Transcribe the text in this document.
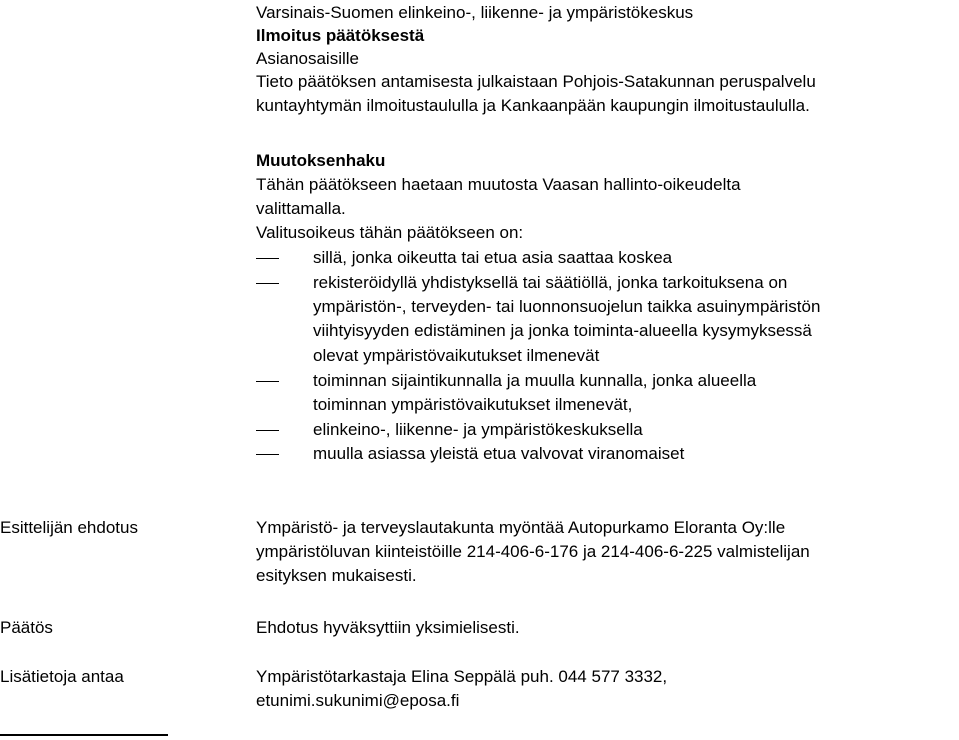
Varsinais-Suomen elinkeino-, liikenne- ja ympäristökeskus
Ilmoitus päätöksestä
Asianosaisille
Tieto päätöksen antamisesta julkaistaan Pohjois-Satakunnan peruspalvelu
kuntayhtymän ilmoitustaululla ja Kankaanpään kaupungin ilmoitustaululla.
Muutoksenhaku
Tähän päätökseen haetaan muutosta Vaasan hallinto-oikeudelta
valittamalla.
Valitusoikeus tähän päätökseen on:
sillä, jonka oikeutta tai etua asia saattaa koskea
rekisteröidyllä yhdistyksellä tai säätiöllä, jonka tarkoituksena on
ympäristön-, terveyden- tai luonnonsuojelun taikka asuinympäristön
viihtyisyyden edistäminen ja jonka toiminta-alueella kysymyksessä
olevat ympäristövaikutukset ilmenevät
toiminnan sijaintikunnalla ja muulla kunnalla, jonka alueella
toiminnan ympäristövaikutukset ilmenevät,
elinkeino-, liikenne- ja ympäristökeskuksella
muulla asiassa yleistä etua valvovat viranomaiset
Esittelijän ehdotus	Ympäristö- ja terveyslautakunta myöntää Autopurkamo Eloranta Oy:lle
ympäristöluvan kiinteistöille 214-406-6-176 ja 214-406-6-225 valmistelijan
esityksen mukaisesti.
Päätös	Ehdotus hyväksyttiin yksimielisesti.
Lisätietoja antaa	Ympäristötarkastaja Elina Seppälä puh. 044 577 3332,
etunimi.sukunimi@eposa.fi
